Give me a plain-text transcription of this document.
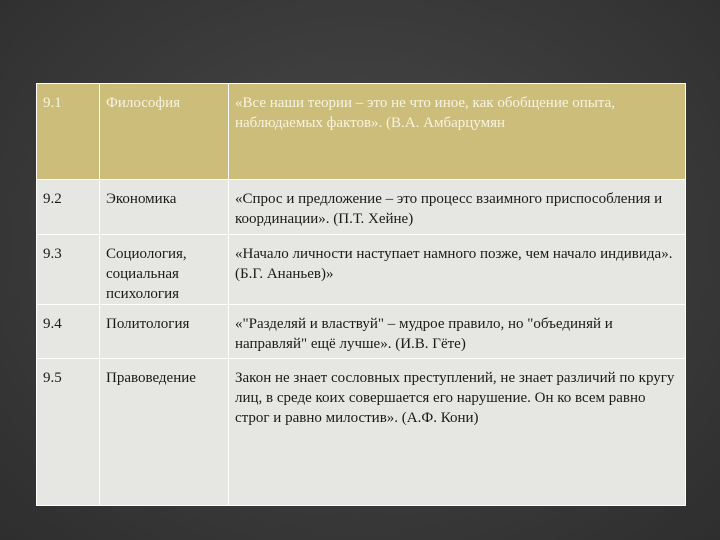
9.1	Философия	«Все наши теории – это не что иное, как обобщение опыта, наблюдаемых фактов». (В.А. Амбарцумян
9.2	Экономика	«Спрос и предложение – это процесс взаимного приспособления и координации». (П.Т. Хейне)
9.3	Социология, социальная психология	«Начало личности наступает намного позже, чем начало индивида». (Б.Г. Ананьев)»
9.4	Политология	«"Разделяй и властвуй" – мудрое правило, но "объединяй и направляй" ещё лучше». (И.В. Гёте)
9.5	Правоведение	Закон не знает сословных преступлений, не знает различий по кругу лиц, в среде коих совершается его нарушение. Он ко всем равно строг и равно милостив». (А.Ф. Кони)
